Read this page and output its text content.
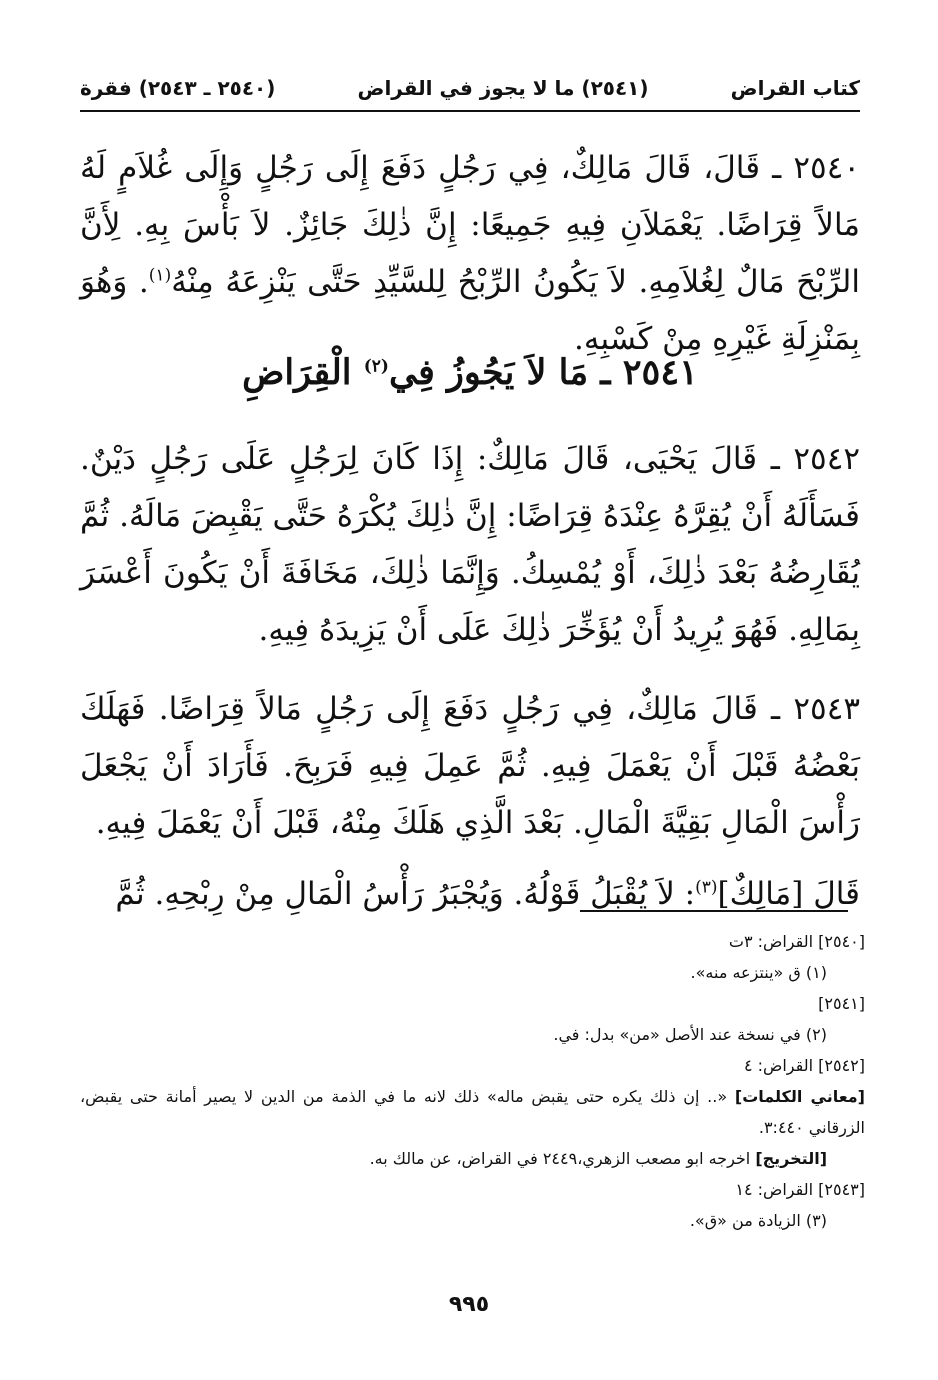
كتاب القراض
(٢٥٤١) ما لا يجوز في القراض
(٢٥٤٠ ـ ٢٥٤٣) فقرة

٢٥٤٠ ـ قَالَ، قَالَ مَالِكٌ، فِي رَجُلٍ دَفَعَ إِلَى رَجُلٍ وَإِلَى غُلاَمٍ لَهُ مَالاً قِرَاضًا. يَعْمَلاَنِ فِيهِ جَمِيعًا: إِنَّ ذٰلِكَ جَائِزٌ. لاَ بَأْسَ بِهِ. لِأَنَّ الرِّبْحَ مَالٌ لِغُلاَمِهِ. لاَ يَكُونُ الرِّبْحُ لِلسَّيِّدِ حَتَّى يَنْزِعَهُ مِنْهُ$^{(١)}$. وَهُوَ بِمَنْزِلَةِ غَيْرِهِ مِنْ كَسْبِهِ.

٢٥٤١ ـ مَا لاَ يَجُوزُ فِي$^{(٢)}$ الْقِرَاضِ

٢٥٤٢ ـ قَالَ يَحْيَى، قَالَ مَالِكٌ: إِذَا كَانَ لِرَجُلٍ عَلَى رَجُلٍ دَيْنٌ. فَسَأَلَهُ أَنْ يُقِرَّهُ عِنْدَهُ قِرَاضًا: إِنَّ ذٰلِكَ يُكْرَهُ حَتَّى يَقْبِضَ مَالَهُ. ثُمَّ يُقَارِضُهُ بَعْدَ ذٰلِكَ، أَوْ يُمْسِكُ. وَإِنَّمَا ذٰلِكَ، مَخَافَةَ أَنْ يَكُونَ أَعْسَرَ بِمَالِهِ. فَهُوَ يُرِيدُ أَنْ يُؤَخِّرَ ذٰلِكَ عَلَى أَنْ يَزِيدَهُ فِيهِ.

٢٥٤٣ ـ قَالَ مَالِكٌ، فِي رَجُلٍ دَفَعَ إِلَى رَجُلٍ مَالاً قِرَاضًا. فَهَلَكَ بَعْضُهُ قَبْلَ أَنْ يَعْمَلَ فِيهِ. ثُمَّ عَمِلَ فِيهِ فَرَبِحَ. فَأَرَادَ أَنْ يَجْعَلَ رَأْسَ الْمَالِ بَقِيَّةَ الْمَالِ. بَعْدَ الَّذِي هَلَكَ مِنْهُ، قَبْلَ أَنْ يَعْمَلَ فِيهِ.

قَالَ [مَالِكٌ]$^{(٣)}$: لاَ يُقْبَلُ قَوْلُهُ. وَيُجْبَرُ رَأْسُ الْمَالِ مِنْ رِبْحِهِ. ثُمَّ

[٢٥٤٠] القراض: ٣ت

(١) ق «ينتزعه منه».

[٢٥٤١]

(٢) في نسخة عند الأصل «من» بدل: في.

[٢٥٤٢] القراض: ٤

[معاني الكلمات] «.. إن ذلك يكره حتى يقبض ماله» ذلك لانه ما في الذمة من الدين لا يصير أمانة حتى يقبض، الزرقاني ٣:٤٤٠.

[التخريج] اخرجه ابو مصعب الزهري،٢٤٤٩ في القراض، عن مالك به.

[٢٥٤٣] القراض: ١٤

(٣) الزيادة من «ق».

٩٩٥
